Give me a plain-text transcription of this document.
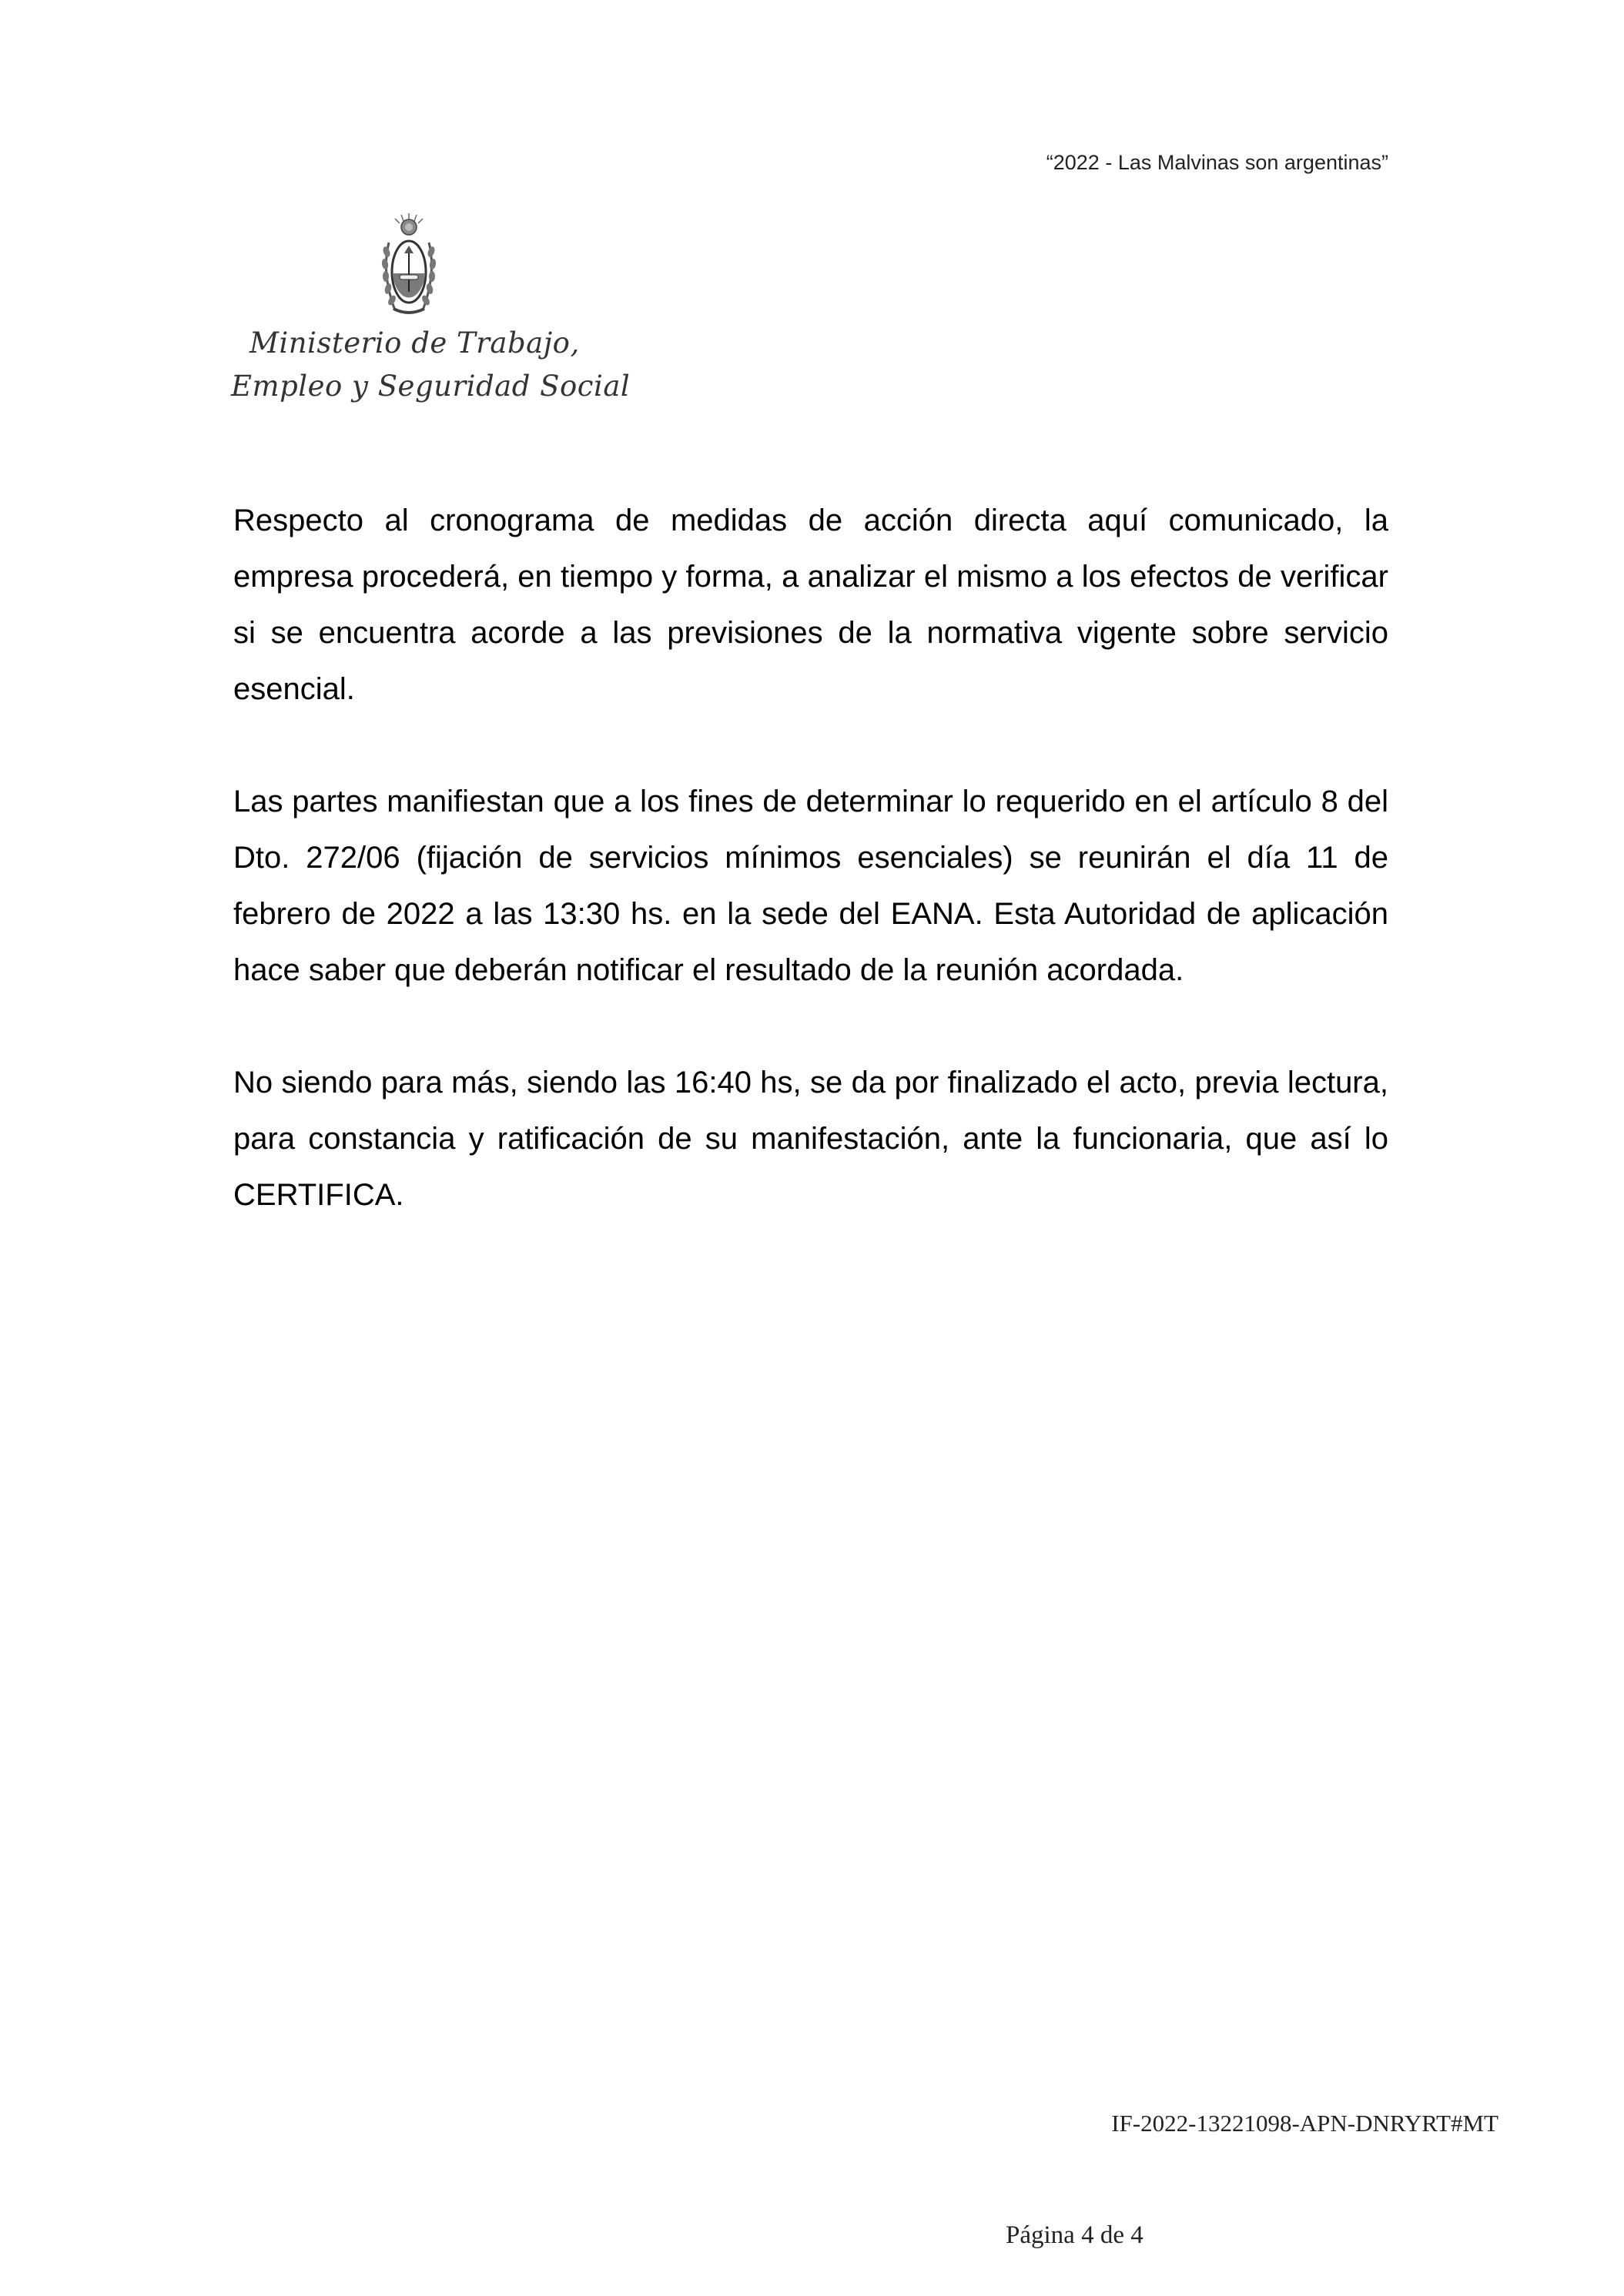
“2022 - Las Malvinas son argentinas”
Ministerio de Trabajo,
Empleo y Seguridad Social

Respecto al cronograma de medidas de acción directa aquí comunicado, la empresa procederá, en tiempo y forma, a analizar el mismo a los efectos de verificar si se encuentra acorde a las previsiones de la normativa vigente sobre servicio esencial.

Las partes manifiestan que a los fines de determinar lo requerido en el artículo 8 del Dto. 272/06 (fijación de servicios mínimos esenciales) se reunirán el día 11 de febrero de 2022 a las 13:30 hs. en la sede del EANA. Esta Autoridad de aplicación hace saber que deberán notificar el resultado de la reunión acordada.

No siendo para más, siendo las 16:40 hs, se da por finalizado el acto, previa lectura, para constancia y ratificación de su manifestación, ante la funcionaria, que así lo CERTIFICA.

IF-2022-13221098-APN-DNRYRT#MT
Página 4 de 4
